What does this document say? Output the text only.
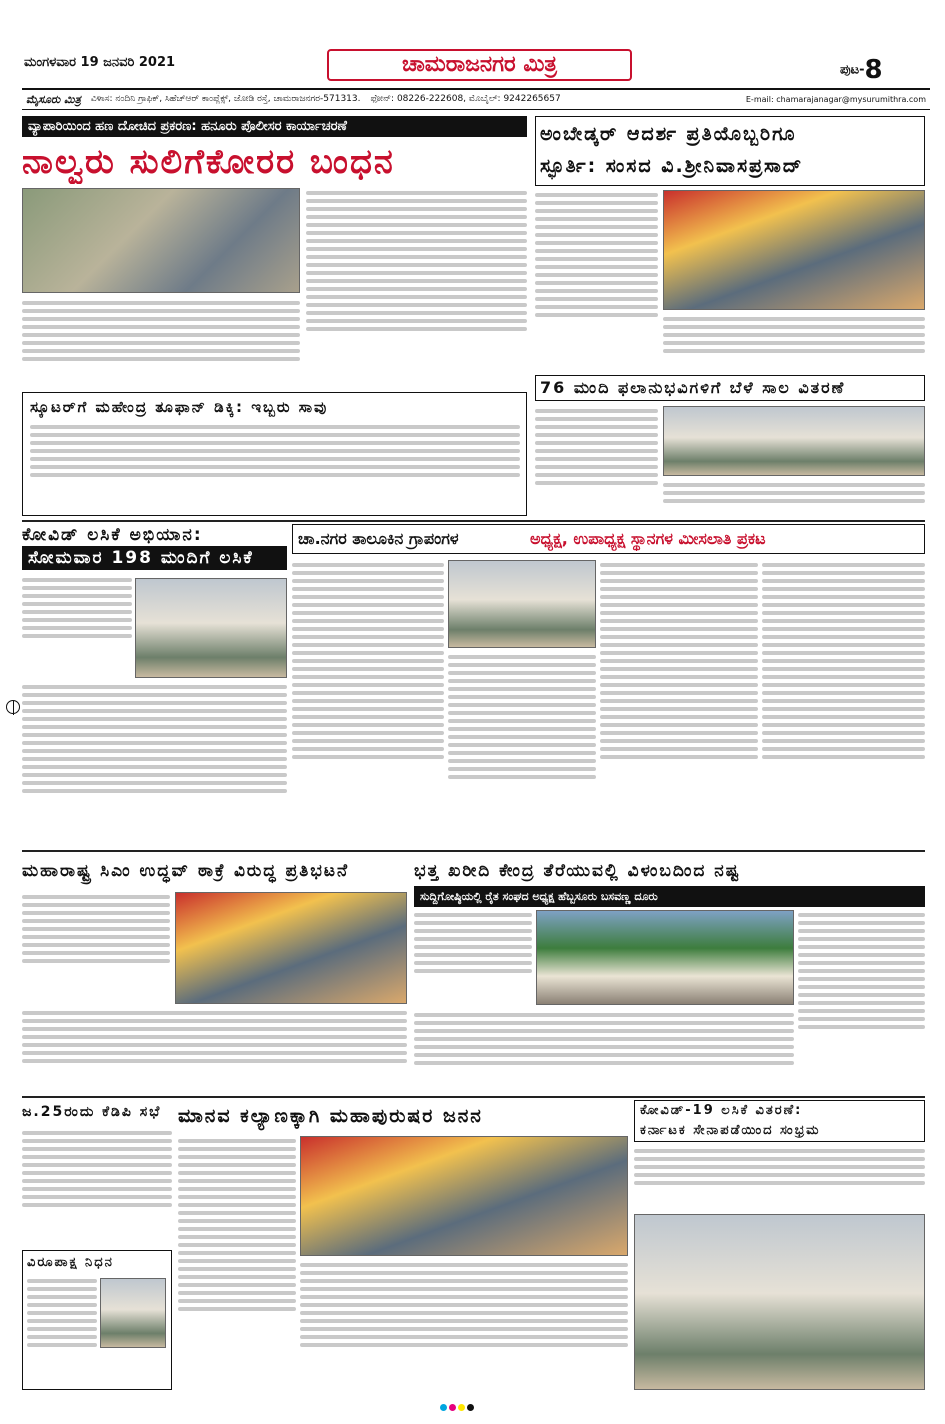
ಮಂಗಳವಾರ 19 ಜನವರಿ 2021	ಚಾಮರಾಜನಗರ ಮಿತ್ರ	ಪುಟ-8
ಮೈಸೂರು ಮಿತ್ರ ವಿಳಾಸ: ನಂದಿನಿ ಗ್ರಾಫಿಕ್, ಸಿಹೆಚ್‌ಆರ್ ಕಾಂಪ್ಲೆಕ್ಸ್, ಜೋಡಿ ರಸ್ತೆ, ಚಾಮರಾಜನಗರ-571313. ಫೋನ್: 08226-222608, ಮೊಬೈಲ್: 9242265657	E-mail: chamarajanagar@mysurumithra.com
ವ್ಯಾಪಾರಿಯಿಂದ ಹಣ ದೋಚಿದ ಪ್ರಕರಣ: ಹನೂರು ಪೊಲೀಸರ ಕಾರ್ಯಾಚರಣೆ
ನಾಲ್ವರು ಸುಲಿಗೆಕೋರರ ಬಂಧನ
ಸ್ಕೂಟರ್‌ಗೆ ಮಹೇಂದ್ರ ತೂಫಾನ್ ಡಿಕ್ಕಿ: ಇಬ್ಬರು ಸಾವು
ಅಂಬೇಡ್ಕರ್ ಆದರ್ಶ ಪ್ರತಿಯೊಬ್ಬರಿಗೂ
ಸ್ಫೂರ್ತಿ: ಸಂಸದ ವಿ.ಶ್ರೀನಿವಾಸಪ್ರಸಾದ್
76 ಮಂದಿ ಫಲಾನುಭವಿಗಳಿಗೆ ಬೆಳೆ ಸಾಲ ವಿತರಣೆ
ಕೋವಿಡ್ ಲಸಿಕೆ ಅಭಿಯಾನ:
ಸೋಮವಾರ 198 ಮಂದಿಗೆ ಲಸಿಕೆ
ಚಾ.ನಗರ ತಾಲೂಕಿನ ಗ್ರಾಪಂಗಳ	ಅಧ್ಯಕ್ಷ, ಉಪಾಧ್ಯಕ್ಷ ಸ್ಥಾನಗಳ ಮೀಸಲಾತಿ ಪ್ರಕಟ
ಮಹಾರಾಷ್ಟ್ರ ಸಿಎಂ ಉದ್ಧವ್ ಠಾಕ್ರೆ ವಿರುದ್ಧ ಪ್ರತಿಭಟನೆ	ಭತ್ತ ಖರೀದಿ ಕೇಂದ್ರ ತೆರೆಯುವಲ್ಲಿ ವಿಳಂಬದಿಂದ ನಷ್ಟ
ಸುದ್ದಿಗೋಷ್ಠಿಯಲ್ಲಿ ರೈತ ಸಂಘದ ಅಧ್ಯಕ್ಷ ಹೆಬ್ಬಸೂರು ಬಸವಣ್ಣ ದೂರು
ಜ.25ರಂದು ಕೆಡಿಪಿ ಸಭೆ
ವಿರೂಪಾಕ್ಷ ನಿಧನ
ಮಾನವ ಕಲ್ಯಾಣಕ್ಕಾಗಿ ಮಹಾಪುರುಷರ ಜನನ	ಕೋವಿಡ್-19 ಲಸಿಕೆ ವಿತರಣೆ:
ಕರ್ನಾಟಕ ಸೇನಾಪಡೆಯಿಂದ ಸಂಭ್ರಮ
